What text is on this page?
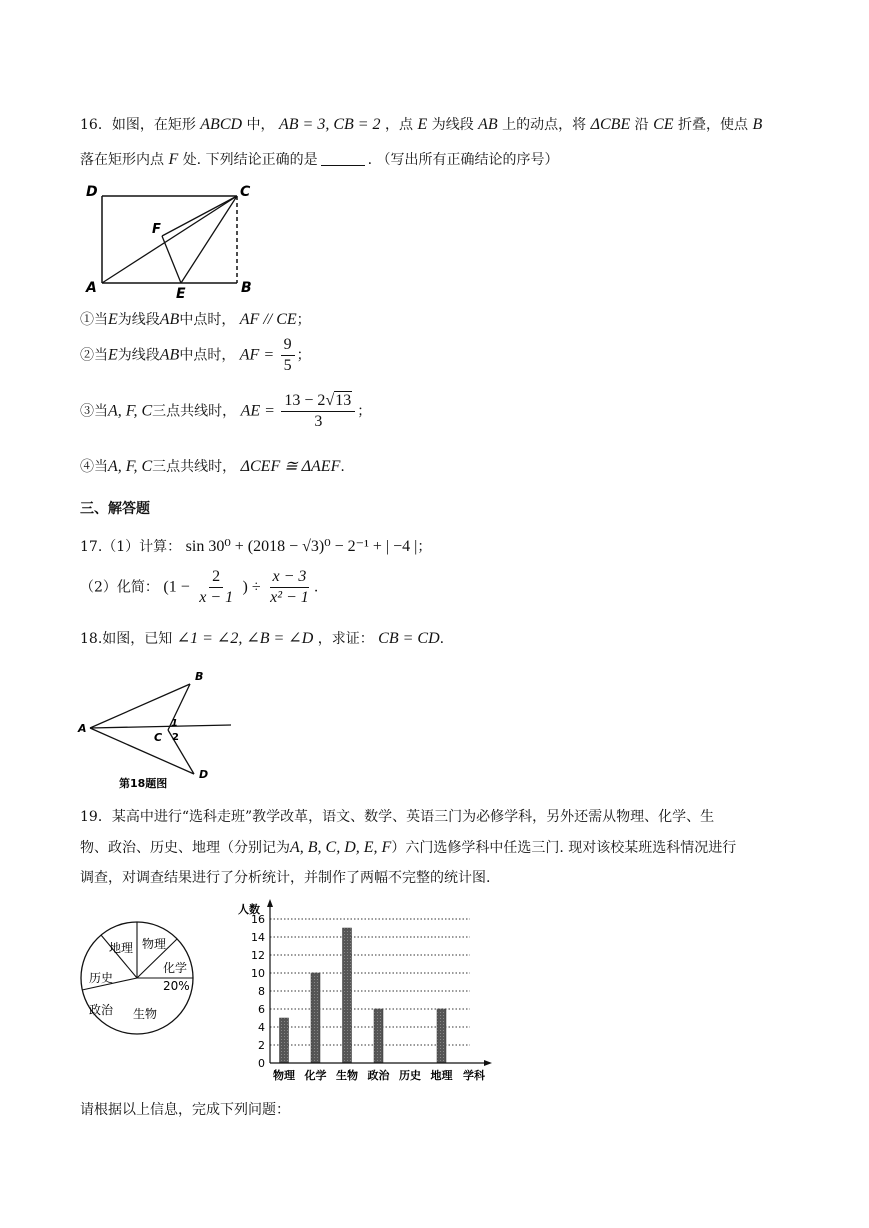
16．如图，在矩形 ABCD 中， AB = 3, CB = 2 ，点 E 为线段 AB 上的动点，将 ΔCBE 沿 CE 折叠，使点 B
落在矩形内点 F 处. 下列结论正确的是	. （写出所有正确结论的序号）
D	C
F
A	E	B
①当E为线段AB中点时， AF // CE；
②当E为线段AB中点时， AF = $\frac{9}{5}$ ；
③当A, F, C三点共线时， AE = $\frac{13 - 2√13}{3}$ ；
④当A, F, C三点共线时， ΔCEF ≅ ΔAEF.
三、解答题
17.（1）计算： sin 30⁰ + (2018 − √3)⁰ − 2⁻¹ + | −4 |；
（2）化简： ($1 - \frac{2}{x - 1}$ ) ÷ $\frac{x - 3}{\text{x² − 1}}$ .
18.如图，已知 ∠1 = ∠2, ∠B = ∠D ，求证： CB = CD.
A
B
1
2
C
D
第18题图
19．某高中进行“选科走班”教学改革，语文、数学、英语三门为必修学科，另外还需从物理、化学、生
物、政治、历史、地理（分别记为A, B, C, D, E, F）六门选修学科中任选三门. 现对该校某班选科情况进行
调查，对调查结果进行了分析统计，并制作了两幅不完整的统计图.
地理 物理
化学
20%
历史
政治 生物
0
2
4
6
8
10
12
14
16
物理 化学 生物 政治 历史 地理
人数
学科
请根据以上信息，完成下列问题：
